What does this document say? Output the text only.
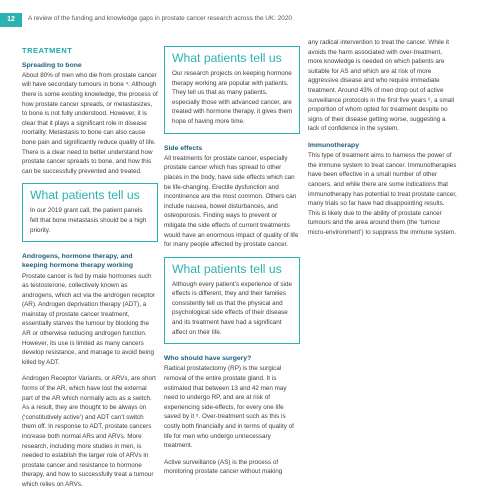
12	A review of the funding and knowledge gaps in prostate cancer research across the UK: 2020
TREATMENT
Spreading to bone

About 80% of men who die from prostate cancer will have secondary tumours in bone ⁴. Although there is some existing knowledge, the process of how prostate cancer spreads, or metastasizes, to bone is not fully understood. However, it is clear that it plays a significant role in disease mortality. Metastasis to bone can also cause bone pain and significantly reduce quality of life. There is a clear need to better understand how prostate cancer spreads to bone, and how this can be successfully prevented and treated.

What patients tell us
In our 2019 grant call, the patient panels felt that bone metastasis should be a high priority.
Androgens, hormone therapy, and keeping hormone therapy working

Prostate cancer is fed by male hormones such as testosterone, collectively known as androgens, which act via the androgen receptor (AR). Androgen deprivation therapy (ADT), a mainstay of prostate cancer treatment, essentially starves the tumour by blocking the AR or otherwise reducing androgen function. However, its use is limited as many cancers develop resistance, and manage to avoid being killed by ADT.

Androgen Receptor Variants, or ARVs, are short forms of the AR, which have lost the external part of the AR which normally acts as a switch. As a result, they are thought to be always on (‘constitutively active’) and ADT can’t switch them off. In response to ADT, prostate cancers increase both normal ARs and ARVs. More research, including more studies in men, is needed to establish the larger role of ARVs in prostate cancer and resistance to hormone therapy, and how to successfully treat a tumour which relies on ARVs.

What patients tell us
Our research projects on keeping hormone therapy working are popular with patients. They tell us that as many patients, especially those with advanced cancer, are treated with hormone therapy, it gives them hope of having more time.
Side effects

All treatments for prostate cancer, especially prostate cancer which has spread to other places in the body, have side effects which can be life-changing. Erectile dysfunction and incontinence are the most common. Others can include nausea, bowel disturbances, and osteoporosis. Finding ways to prevent or mitigate the side effects of current treatments would have an enormous impact of quality of life for many people affected by prostate cancer.

What patients tell us
Although every patient’s experience of side effects is different, they and their families consistently tell us that the physical and psychological side effects of their disease and its treatment have had a significant affect on their life.
Who should have surgery?

Radical prostatectomy (RP) is the surgical removal of the entire prostate gland. It is estimated that between 13 and 42 men may need to undergo RP, and are at risk of experiencing side-effects, for every one life saved by it ⁵. Over-treatment such as this is costly both financially and in terms of quality of life for men who undergo unnecessary treatment.

Active surveillance (AS) is the process of monitoring prostate cancer without making

any radical intervention to treat the cancer. While it avoids the harm associated with over-treatment, more knowledge is needed on which patients are suitable for AS and which are at risk of more aggressive disease and who require immediate treatment. Around 43% of men drop out of active surveillance protocols in the first five years ⁶, a small proportion of whom opted for treatment despite no signs of their disease getting worse, suggesting a lack of confidence in the system.

Immunotherapy

This type of treatment aims to harness the power of the immune system to treat cancer. Immunotherapies have been effective in a small number of other cancers, and while there are some indications that immunotherapy has potential to treat prostate cancer, many trials so far have had disappointing results. This is likely due to the ability of prostate cancer tumours and the area around them (the ‘tumour micro-environment’) to suppress the immune system.
